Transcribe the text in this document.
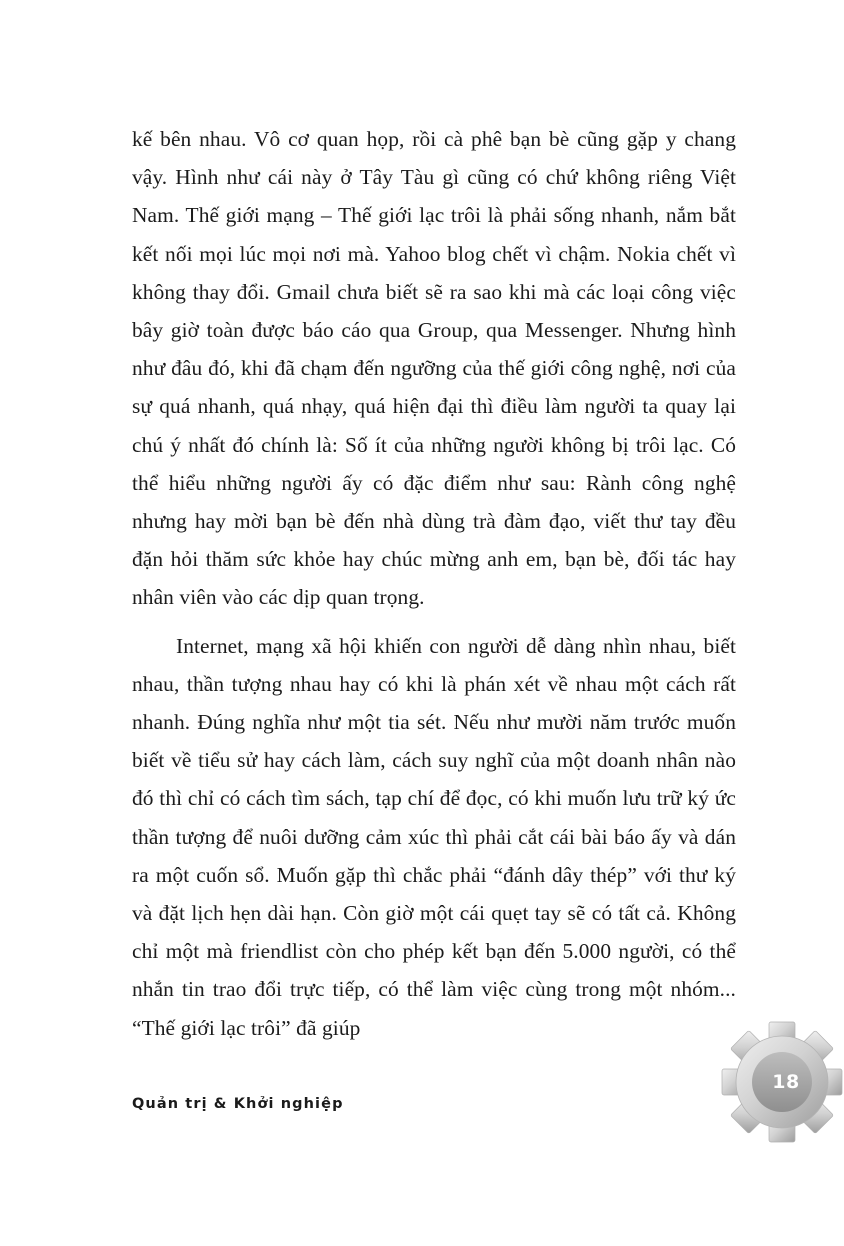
kế bên nhau. Vô cơ quan họp, rồi cà phê bạn bè cũng gặp y chang vậy. Hình như cái này ở Tây Tàu gì cũng có chứ không riêng Việt Nam. Thế giới mạng – Thế giới lạc trôi là phải sống nhanh, nắm bắt kết nối mọi lúc mọi nơi mà. Yahoo blog chết vì chậm. Nokia chết vì không thay đổi. Gmail chưa biết sẽ ra sao khi mà các loại công việc bây giờ toàn được báo cáo qua Group, qua Messenger. Nhưng hình như đâu đó, khi đã chạm đến ngưỡng của thế giới công nghệ, nơi của sự quá nhanh, quá nhạy, quá hiện đại thì điều làm người ta quay lại chú ý nhất đó chính là: Số ít của những người không bị trôi lạc. Có thể hiểu những người ấy có đặc điểm như sau: Rành công nghệ nhưng hay mời bạn bè đến nhà dùng trà đàm đạo, viết thư tay đều đặn hỏi thăm sức khỏe hay chúc mừng anh em, bạn bè, đối tác hay nhân viên vào các dịp quan trọng.

Internet, mạng xã hội khiến con người dễ dàng nhìn nhau, biết nhau, thần tượng nhau hay có khi là phán xét về nhau một cách rất nhanh. Đúng nghĩa như một tia sét. Nếu như mười năm trước muốn biết về tiểu sử hay cách làm, cách suy nghĩ của một doanh nhân nào đó thì chỉ có cách tìm sách, tạp chí để đọc, có khi muốn lưu trữ ký ức thần tượng để nuôi dưỡng cảm xúc thì phải cắt cái bài báo ấy và dán ra một cuốn sổ. Muốn gặp thì chắc phải “đánh dây thép” với thư ký và đặt lịch hẹn dài hạn. Còn giờ một cái quẹt tay sẽ có tất cả. Không chỉ một mà friendlist còn cho phép kết bạn đến 5.000 người, có thể nhắn tin trao đổi trực tiếp, có thể làm việc cùng trong một nhóm... “Thế giới lạc trôi” đã giúp

Quản trị & Khởi nghiệp
18
